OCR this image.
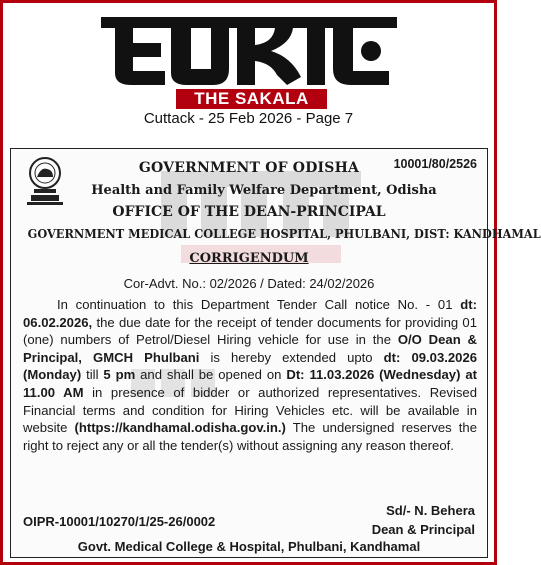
THE SAKALA
Cuttack - 25 Feb 2026 - Page 7
10001/80/2526
GOVERNMENT OF ODISHA
Health and Family Welfare Department, Odisha
OFFICE OF THE DEAN-PRINCIPAL
GOVERNMENT MEDICAL COLLEGE HOSPITAL, PHULBANI, DIST: KANDHAMAL
CORRIGENDUM
Cor-Advt. No.: 02/2026 / Dated: 24/02/2026

In continuation to this Department Tender Call notice No. - 01 dt: 06.02.2026, the due date for the receipt of tender documents for providing 01 (one) numbers of Petrol/Diesel Hiring vehicle for use in the O/O Dean & Principal, GMCH Phulbani is hereby extended upto dt: 09.03.2026 (Monday) till 5 pm and shall be opened on Dt: 11.03.2026 (Wednesday) at 11.00 AM in presence of bidder or authorized representatives. Revised Financial terms and condition for Hiring Vehicles etc. will be available in website (https://kandhamal.odisha.gov.in.) The undersigned reserves the right to reject any or all the tender(s) without assigning any reason thereof.

Sd/- N. Behera
OIPR-10001/10270/1/25-26/0002
Dean & Principal
Govt. Medical College & Hospital, Phulbani, Kandhamal
